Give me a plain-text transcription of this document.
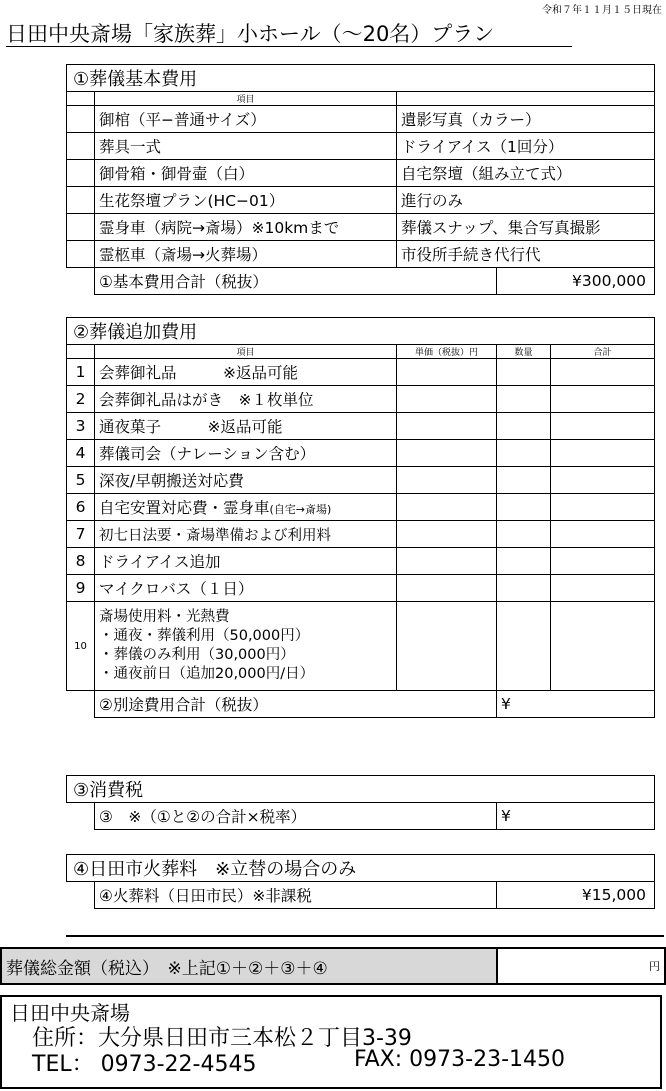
令和７年１１月１５日現在
日田中央斎場「家族葬」小ホール（～20名）プラン
①葬儀基本費用			
	項目		
	御棺（平−普通サイズ）	遺影写真（カラー）	
	葬具一式	ドライアイス（1回分）	
	御骨箱・御骨壷（白）	自宅祭壇（組み立て式）	
	生花祭壇プラン(HC−01）	進行のみ	
	霊身車（病院→斎場）※10kmまで	葬儀スナップ、集合写真撮影	
	霊柩車（斎場→火葬場）	市役所手続き代行代	
	①基本費用合計（税抜）		¥300,000
②葬儀追加費用				
	項目	単価（税抜）円	数量	合計
1	会葬御礼品　　　※返品可能			
2	会葬御礼品はがき　※１枚単位			
3	通夜菓子　　　※返品可能			
4	葬儀司会（ナレーション含む）			
5	深夜/早朝搬送対応費			
6	自宅安置対応費・霊身車(自宅→斎場)			
7	初七日法要・斎場準備および利用料			
8	ドライアイス追加			
9	マイクロバス（１日）			
10	斎場使用料・光熱費
・通夜・葬儀利用（50,000円）
・葬儀のみ利用（30,000円）
・通夜前日（追加20,000円/日）			

	②別途費用合計（税抜）		¥	
③消費税
	③　※（①と②の合計×税率）	¥
④日田市火葬料　※立替の場合のみ
	④火葬料（日田市民）※非課税	¥15,000
葬儀総金額（税込）　※上記①＋②＋③＋④	円
日田中央斎場
住所：大分県日田市三本松２丁目3-39
TEL： 0973-22-4545	FAX: 0973-23-1450
